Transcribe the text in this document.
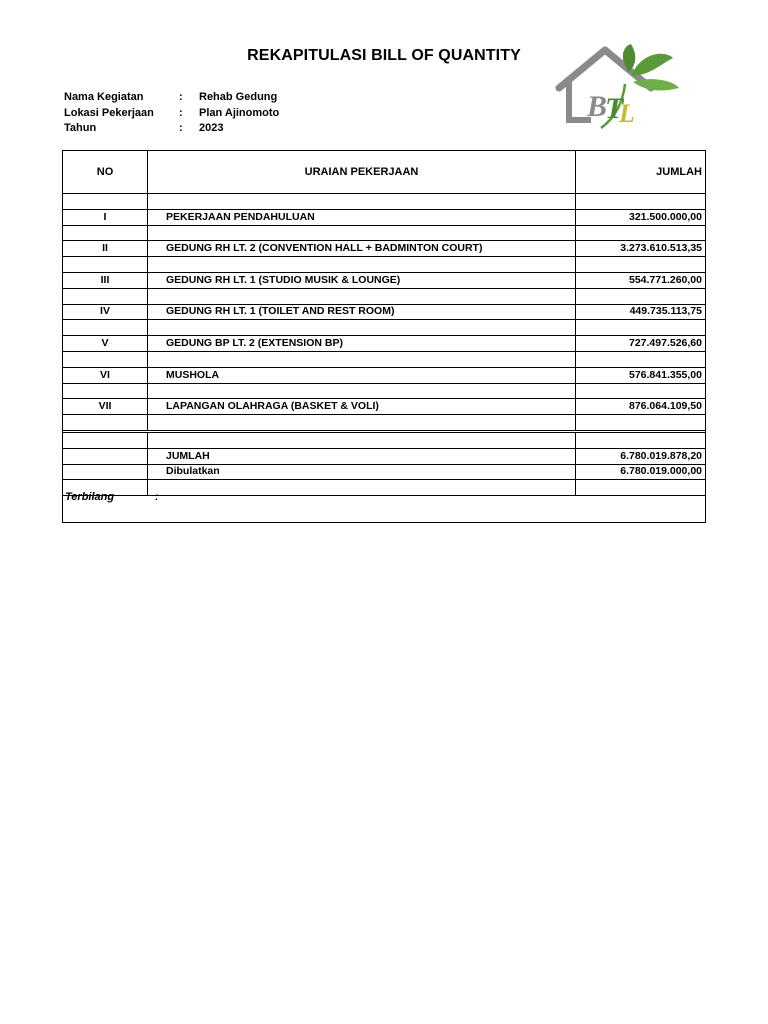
REKAPITULASI BILL OF QUANTITY
B
T
L
Nama Kegiatan	: Rehab Gedung
Lokasi Pekerjaan : Plan Ajinomoto
Tahun	: 2023
NO	URAIAN PEKERJAAN	JUMLAH

I	PEKERJAAN PENDAHULUAN	321.500.000,00

II	GEDUNG RH LT. 2 (CONVENTION HALL + BADMINTON COURT)	3.273.610.513,35

III	GEDUNG RH LT. 1 (STUDIO MUSIK & LOUNGE)	554.771.260,00

IV	GEDUNG RH LT. 1 (TOILET AND REST ROOM)	449.735.113,75

V	GEDUNG BP LT. 2 (EXTENSION BP)	727.497.526,60

VI	MUSHOLA	576.841.355,00

VII	LAPANGAN OLAHRAGA (BASKET & VOLI)	876.064.109,50

	JUMLAH	6.780.019.878,20
	Dibulatkan	6.780.019.000,00

Terbilang	:
